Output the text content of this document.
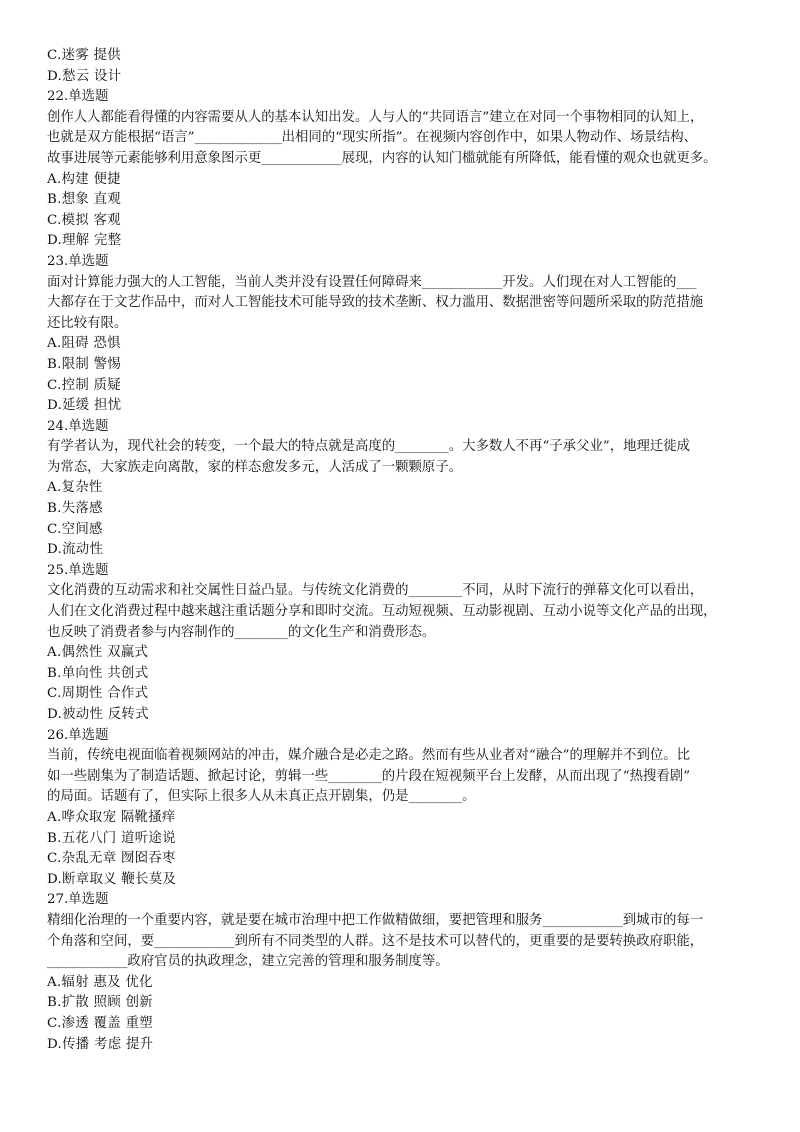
C.迷雾 提供
D.愁云 设计
22.单选题
创作人人都能看得懂的内容需要从人的基本认知出发。人与人的“共同语言”建立在对同一个事物相同的认知上，
也就是双方能根据“语言”_____________出相同的“现实所指”。在视频内容创作中，如果人物动作、场景结构、
故事进展等元素能够利用意象图示更____________展现，内容的认知门槛就能有所降低，能看懂的观众也就更多。
A.构建 便捷
B.想象 直观
C.模拟 客观
D.理解 完整
23.单选题
面对计算能力强大的人工智能，当前人类并没有设置任何障碍来____________开发。人们现在对人工智能的___
大都存在于文艺作品中，而对人工智能技术可能导致的技术垄断、权力滥用、数据泄密等问题所采取的防范措施
还比较有限。
A.阻碍 恐惧
B.限制 警惕
C.控制 质疑
D.延缓 担忧
24.单选题
有学者认为，现代社会的转变，一个最大的特点就是高度的________。大多数人不再“子承父业”，地理迁徙成
为常态，大家族走向离散，家的样态愈发多元，人活成了一颗颗原子。
A.复杂性
B.失落感
C.空间感
D.流动性
25.单选题
文化消费的互动需求和社交属性日益凸显。与传统文化消费的________不同，从时下流行的弹幕文化可以看出，
人们在文化消费过程中越来越注重话题分享和即时交流。互动短视频、互动影视剧、互动小说等文化产品的出现，
也反映了消费者参与内容制作的________的文化生产和消费形态。
A.偶然性 双赢式
B.单向性 共创式
C.周期性 合作式
D.被动性 反转式
26.单选题
当前，传统电视面临着视频网站的冲击，媒介融合是必走之路。然而有些从业者对“融合”的理解并不到位。比
如一些剧集为了制造话题、掀起讨论，剪辑一些________的片段在短视频平台上发酵，从而出现了“热搜看剧”
的局面。话题有了，但实际上很多人从未真正点开剧集，仍是________。
A.哗众取宠 隔靴搔痒
B.五花八门 道听途说
C.杂乱无章 囫囵吞枣
D.断章取义 鞭长莫及
27.单选题
精细化治理的一个重要内容，就是要在城市治理中把工作做精做细，要把管理和服务____________到城市的每一
个角落和空间，要____________到所有不同类型的人群。这不是技术可以替代的，更重要的是要转换政府职能，
____________政府官员的执政理念，建立完善的管理和服务制度等。
A.辐射 惠及 优化
B.扩散 照顾 创新
C.渗透 覆盖 重塑
D.传播 考虑 提升
